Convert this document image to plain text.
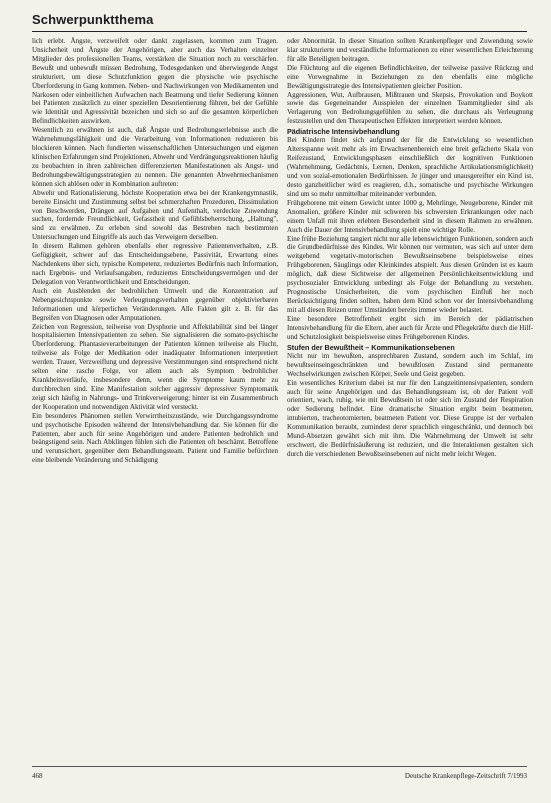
Schwerpunktthema

lich erlebt. Ängste, verzweifelt oder dankt zugelassen, kommen zum Tragen. Unsicherheit und Ängste der Angehörigen, aber auch das Verhalten einzelner Mitglieder des professionellen Teams, verstärken die Situation noch zu verschärfen. Bewußt und unbewußt müssen Bedrohung, Todesgedanken und überwiegende Angst strukturiert, um diese Schutzfunktion gegen die physische wie psychische Überforderung in Gang kommen. Neben- und Nachwirkungen von Medikamenten und Narkosen oder einheitlichen Aufwachen nach Beatmung und tiefer Sedierung können bei Patienten zusätzlich zu einer speziellen Desorientierung führen, bei der Gefühle wie Identität und Agressivität bezeichen und sich so auf die gesamten körperlichen Befindlichkeiten auswirken.

Wesentlich zu erwähnen ist auch, daß Ängste und Bedrohungserlebnisse auch die Wahrnehmungsfähigkeit und die Verarbeitung von Informationen reduzieren bis blockieren können. Nach fundierten wissenschaftlichen Untersuchungen und eigenen klinischen Erfahrungen sind Projektionen, Abwehr und Verdrängungsreaktionen häufig zu beobachten in ihren zahlreichen differenzierten Manifestationen als Angst- und Bedrohungsbewältigungsstrategien zu nennen. Die genannten Abwehrmechanismen können sich ablösen oder in Kombination auftreten:

Abwehr und Rationalisierung, höchste Kooperation etwa bei der Krankengymnastik, bereite Einsicht und Zustimmung selbst bei schmerzhaften Prozeduren, Dissimulation von Beschwerden, Drängen auf Aufgaben und Aufenthalt, verdeckte Zuwendung suchen, fordernde Freundlichkeit, Gefasstheit und Gefühlsbeherrschung, „Haltung", sind zu erwähnen. Zu erleben sind sowohl das Bestreben nach bestimmten Untersuchungen und Eingriffe als auch das Verweigern derselben.

In diesem Rahmen gehören ebenfalls eher regressive Patientenverhalten, z.B. Gefügigkeit, schwer auf das Entscheidungsebene, Passivität, Erwartung eines Nachdenkens über sich, typische Kompetenz, reduziertes Bedürfnis nach Information, nach Ergebnis- und Verlaufsangaben, reduziertes Entscheidungsvermögen und der Delegation von Verantwortlichkeit und Entscheidungen.

Auch ein Ausblenden der bedrohlichen Umwelt und die Konzentration auf Nebengesichtspunkte sowie Verleugnungsverhalten gegenüber objektivierbaren Informationen und körperlichen Veränderungen. Alle Fakten gilt z. B. für das Begreifen von Diagnosen oder Amputationen.

Zeichen von Regression, teilweise von Dysphorie und Affektlabilität sind bei länger hospitalisierten Intensivpatienten zu sehen. Sie signalisieren die somato-psychische Überforderung. Phantasieverarbeitungen der Patienten können teilweise als Flucht, teilweise als Folge der Medikation oder inadäquater Informationen interpretiert werden. Trauer, Verzweiflung und depressive Verstimmungen sind entsprechend nicht selten eine rasche Folge, vor allem auch als Symptom bedrohlicher Krankheitsverläufe, insbesondere denn, wenn die Symptome kaum mehr zu durchbrechen sind. Eine Manifestation solcher aggressiv depressiver Symptomatik zeigt sich häufig in Nahrungs- und Trinkverweigerung; hinter ist ein Zusammenbruch der Kooperation und notwendigen Aktivität wird versteckt.

Ein besonderes Phänomen stellen Verwirrtheitszustände, wie Durchgangssyndrome und psychotische Episoden während der Intensivbehandlung dar. Sie können für die Patienten, aber auch für seine Angehörigen und andere Patienten bedrohlich und beängstigend sein. Nach Abklingen fühlen sich die Patienten oft beschämt. Betroffene und verunsichert, gegenüber dem Behandlungsteam. Patient und Familie befürchten eine bleibende Veränderung und Schädigung

oder Abnormität. In dieser Situation sollten Krankenpfleger und Zuwendung sowie klar strukturierte und verständliche Informationen zu einer wesentlichen Erleichterung für alle Beteiligten beitragen.

Die Flüchtung auf die eigenen Befindlichkeiten, der teilweise passive Rückzug und eine Vorwegnahme in Beziehungen zu den ebenfalls eine mögliche Bewältigungsstrategie des Intensivpatienten gleicher Position.

Aggressionen, Wut, Aufbrausen, Mißtrauen und Skepsis, Provokation und Boykott sowie das Gegeneinander Ausspielen der einzelnen Teammitglieder sind als Verlagerung von Bedrohungsgefühlen zu sehen, die durchaus als Verleugnung festzustellen und den Therapeutischen Effekten interpretiert werden können.

Pädiatrische Intensivbehandlung

Bei Kindern findet sich aufgrund der für die Entwicklung so wesentlichen Altersspanne weit mehr als im Erwachsenenbereich eine breit gefächerte Skala von Reifezustand, Entwicklungsphasen einschließlich der kognitiven Funktionen (Wahrnehmung, Gedächtnis, Lernen, Denken, sprachliche Artikulationsmöglichkeit) und von sozial-emotionalen Bedürfnissen. Je jünger und unausgereifter ein Kind ist, desto ganzheitlicher wird es reagieren, d.h., somatische und psychische Wirkungen sind um so mehr unmittelbar miteinander verbunden.

Frühgeborene mit einem Gewicht unter 1000 g, Mehrlinge, Neugeborene, Kinder mit Anomalien, größere Kinder mit schweren bis schwersten Erkrankungen oder nach einem Unfall mit ihren erlebten Besonderheit sind in diesem Rahmen zu erwähnen. Auch die Dauer der Intensivbehandlung spielt eine wichtige Rolle.

Eine frühe Beziehung tangiert nicht nur alle lebenswichtigen Funktionen, sondern auch die Grundbedürfnisse des Kindes. Wir können nur vermuten, was sich auf unter dem weitgehend vegetativ-motorischen Bewußtseinsebene beispielsweise eines Frühgeborenen, Säuglings oder Kleinkindes abspielt. Aus diesen Gründen ist es kaum möglich, daß diese Sichtweise der allgemeinen Persönlichkeitsentwicklung und psychosozialer Entwicklung unbedingt als Folge der Behandlung zu verstehen. Prognostische Unsicherheiten, die vom psychischen Einfluß her noch Berücksichtigung finden sollten, haben dem Kind schon vor der Intensivbehandlung mit all diesen Reizen unter Umständen bereits immer wieder belastet.

Eine besondere Betroffenheit ergibt sich im Bereich der pädiatrischen Intensivbehandlung für die Eltern, aber auch für Ärzte und Pflegekräfte durch die Hilf- und Schutzlosigkeit beispielsweise eines Frühgeborenen Kindes.

Stufen der Bewußtheit – Kommunikationsebenen

Nicht nur im bewußten, ansprechbaren Zustand, sondern auch im Schlaf, im bewußtseinseingeschränkten und bewußtlosen Zustand sind permanente Wechselwirkungen zwischen Körper, Seele und Geist gegeben.

Ein wesentliches Kriterium dabei ist nur für den Langzeitintensivpatienten, sondern auch für seine Angehörigen und das Behandlungsteam ist, ob der Patient voll orientiert, wach, ruhig, wie mit Bewußtsein ist oder sich im Zustand der Respiration oder Sedierung befindet. Eine dramatische Situation ergibt beim beatmeten, intubierten, tracheotomierten, beatmeten Patient vor. Diese Gruppe ist der verbalen Kommunikation beraubt, zumindest derer sprachlich eingeschränkt, und dennoch bei Mund-Absetzen gewährt sich mit ihm. Die Wahrnehmung der Umwelt ist sehr erschwert, die Bedürfnisäußerung ist reduziert, und die Interaktionen gestalten sich durch die verschiedenen Bewußtseinsebenen auf nicht mehr leicht Wegen.

468	Deutsche Krankenpflege-Zeitschrift 7/1993
